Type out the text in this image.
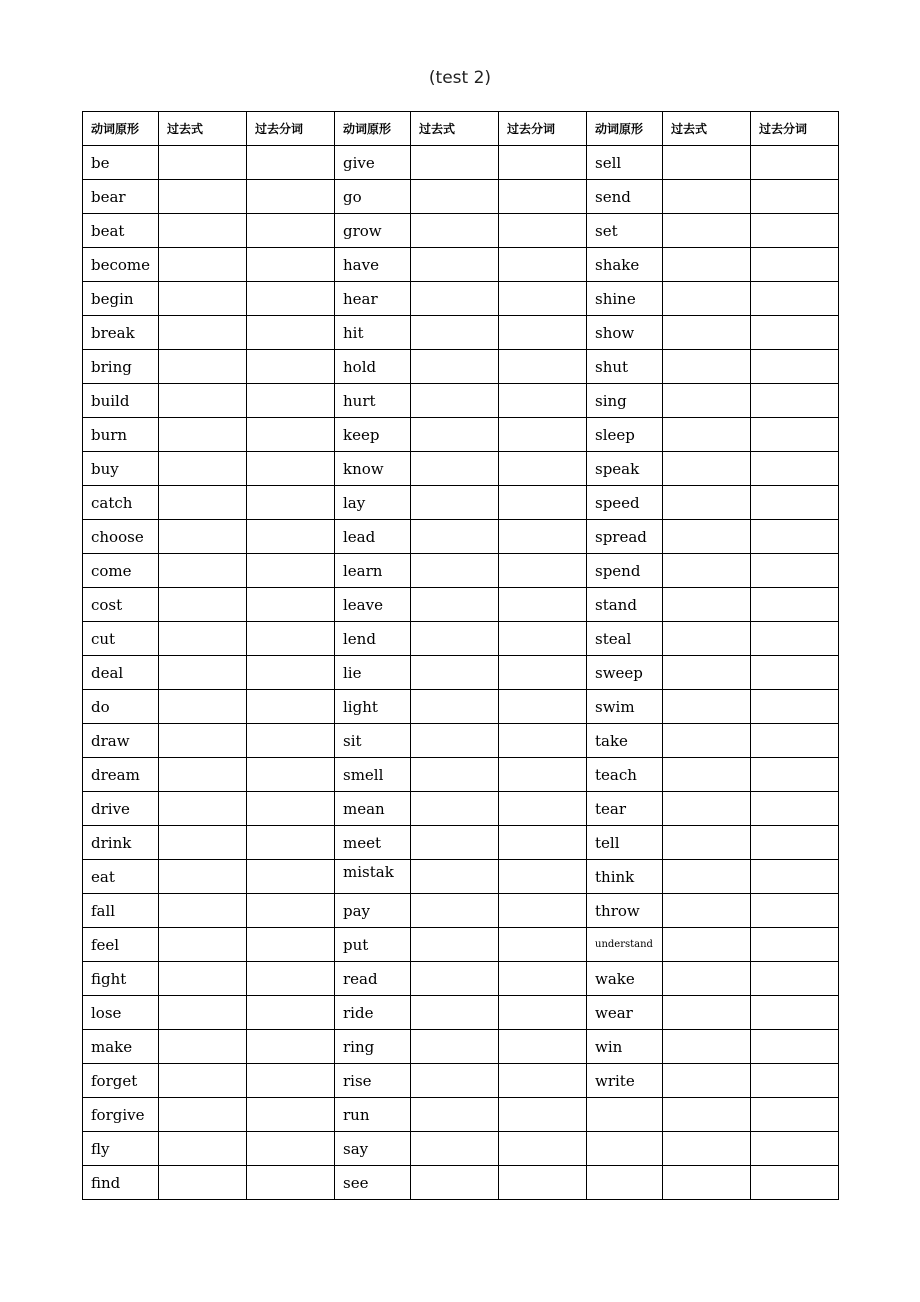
(test 2)
动词原形	过去式	过去分词	动词原形	过去式	过去分词	动词原形	过去式	过去分词
be			give			sell		
bear			go			send		
beat			grow			set		
become			have			shake		
begin			hear			shine		
break			hit			show		
bring			hold			shut		
build			hurt			sing		
burn			keep			sleep		
buy			know			speak		
catch			lay			speed		
choose			lead			spread		
come			learn			spend		
cost			leave			stand		
cut			lend			steal		
deal			lie			sweep		
do			light			swim		
draw			sit			take		
dream			smell			teach		
drive			mean			tear		
drink			meet			tell		
eat			mistak			think		
fall			pay			throw		
feel			put			understand		
fight			read			wake		
lose			ride			wear		
make			ring			win		
forget			rise			write		
forgive			run					
fly			say					
find			see					
